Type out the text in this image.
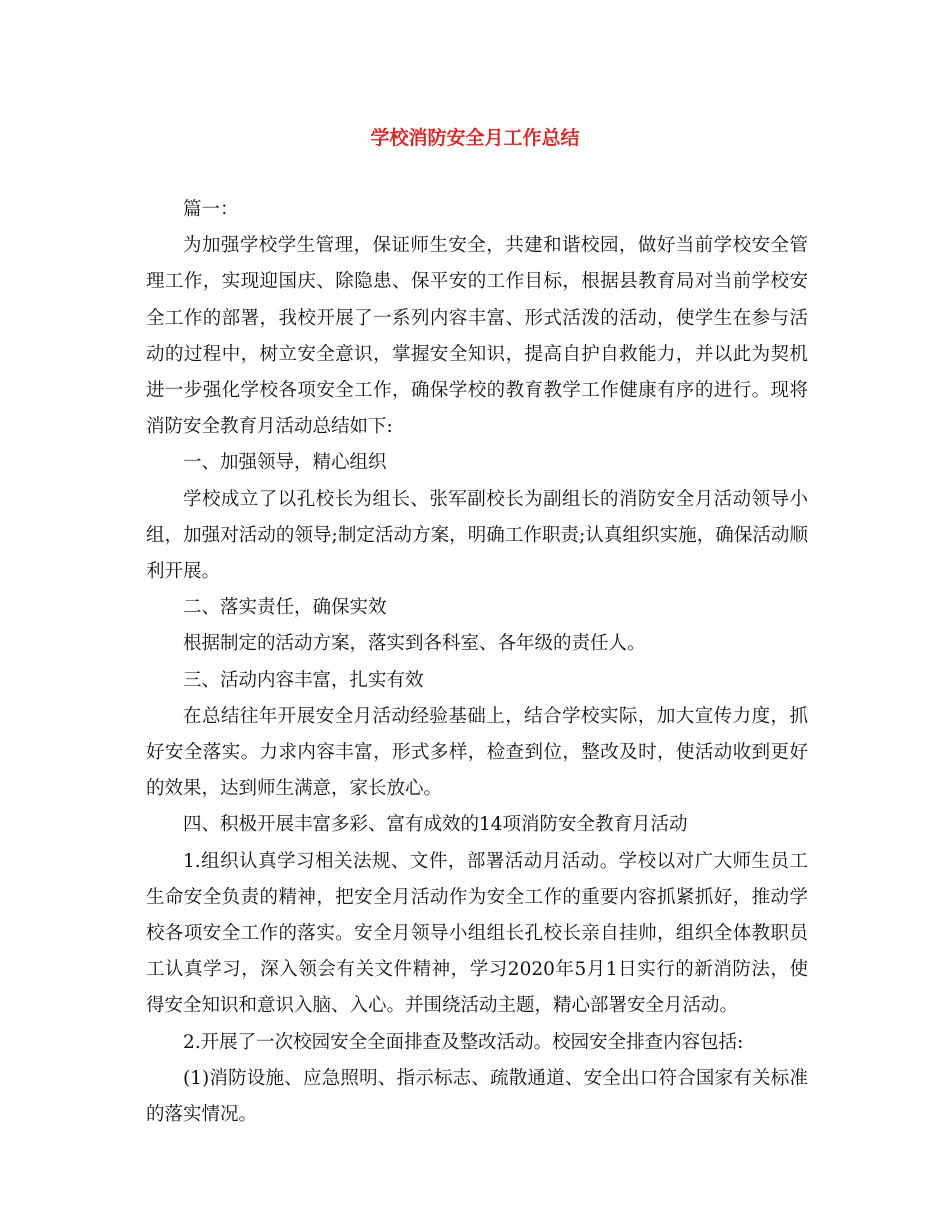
学校消防安全月工作总结

篇一：

为加强学校学生管理，保证师生安全，共建和谐校园，做好当前学校安全管理工作，实现迎国庆、除隐患、保平安的工作目标，根据县教育局对当前学校安全工作的部署，我校开展了一系列内容丰富、形式活泼的活动，使学生在参与活动的过程中，树立安全意识，掌握安全知识，提高自护自救能力，并以此为契机进一步强化学校各项安全工作，确保学校的教育教学工作健康有序的进行。现将消防安全教育月活动总结如下:

一、加强领导，精心组织

学校成立了以孔校长为组长、张军副校长为副组长的消防安全月活动领导小组，加强对活动的领导;制定活动方案，明确工作职责;认真组织实施，确保活动顺利开展。

二、落实责任，确保实效

根据制定的活动方案，落实到各科室、各年级的责任人。

三、活动内容丰富，扎实有效

在总结往年开展安全月活动经验基础上，结合学校实际，加大宣传力度，抓好安全落实。力求内容丰富，形式多样，检查到位，整改及时，使活动收到更好的效果，达到师生满意，家长放心。

四、积极开展丰富多彩、富有成效的14项消防安全教育月活动

1.组织认真学习相关法规、文件，部署活动月活动。学校以对广大师生员工生命安全负责的精神，把安全月活动作为安全工作的重要内容抓紧抓好，推动学校各项安全工作的落实。安全月领导小组组长孔校长亲自挂帅，组织全体教职员工认真学习，深入领会有关文件精神，学习2020年5月1日实行的新消防法，使得安全知识和意识入脑、入心。并围绕活动主题，精心部署安全月活动。

2.开展了一次校园安全全面排查及整改活动。校园安全排查内容包括:

(1)消防设施、应急照明、指示标志、疏散通道、安全出口符合国家有关标准的落实情况。
